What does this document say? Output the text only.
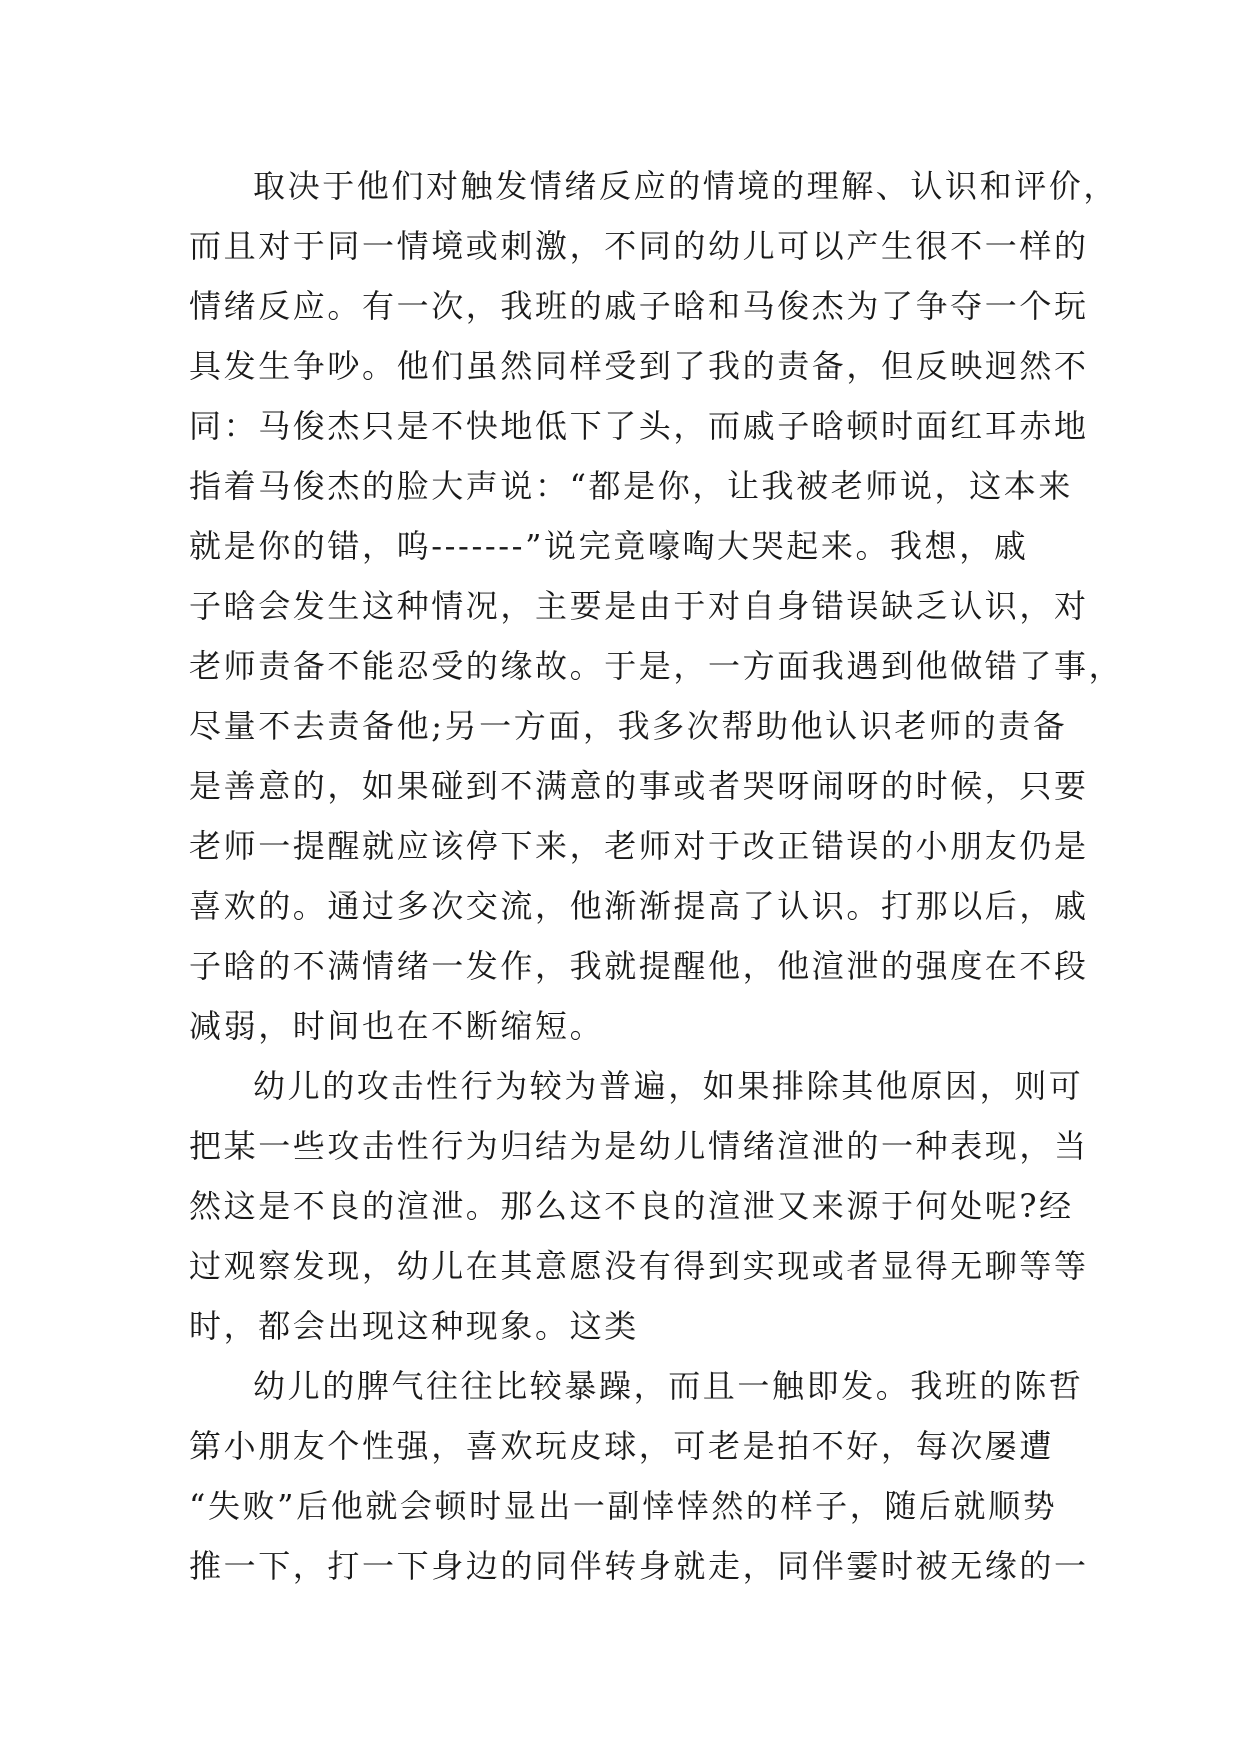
取决于他们对触发情绪反应的情境的理解、认识和评价，
而且对于同一情境或刺激，不同的幼儿可以产生很不一样的
情绪反应。有一次，我班的戚子晗和马俊杰为了争夺一个玩
具发生争吵。他们虽然同样受到了我的责备，但反映迥然不
同：马俊杰只是不快地低下了头，而戚子晗顿时面红耳赤地
指着马俊杰的脸大声说：“都是你，让我被老师说，这本来
就是你的错，呜-------”说完竟嚎啕大哭起来。我想，戚
子晗会发生这种情况，主要是由于对自身错误缺乏认识，对
老师责备不能忍受的缘故。于是，一方面我遇到他做错了事，
尽量不去责备他;另一方面，我多次帮助他认识老师的责备
是善意的，如果碰到不满意的事或者哭呀闹呀的时候，只要
老师一提醒就应该停下来，老师对于改正错误的小朋友仍是
喜欢的。通过多次交流，他渐渐提高了认识。打那以后，戚
子晗的不满情绪一发作，我就提醒他，他渲泄的强度在不段
减弱，时间也在不断缩短。
幼儿的攻击性行为较为普遍，如果排除其他原因，则可
把某一些攻击性行为归结为是幼儿情绪渲泄的一种表现，当
然这是不良的渲泄。那么这不良的渲泄又来源于何处呢?经
过观察发现，幼儿在其意愿没有得到实现或者显得无聊等等
时，都会出现这种现象。这类
幼儿的脾气往往比较暴躁，而且一触即发。我班的陈哲
第小朋友个性强，喜欢玩皮球，可老是拍不好，每次屡遭
“失败”后他就会顿时显出一副悻悻然的样子，随后就顺势
推一下，打一下身边的同伴转身就走，同伴霎时被无缘的一
